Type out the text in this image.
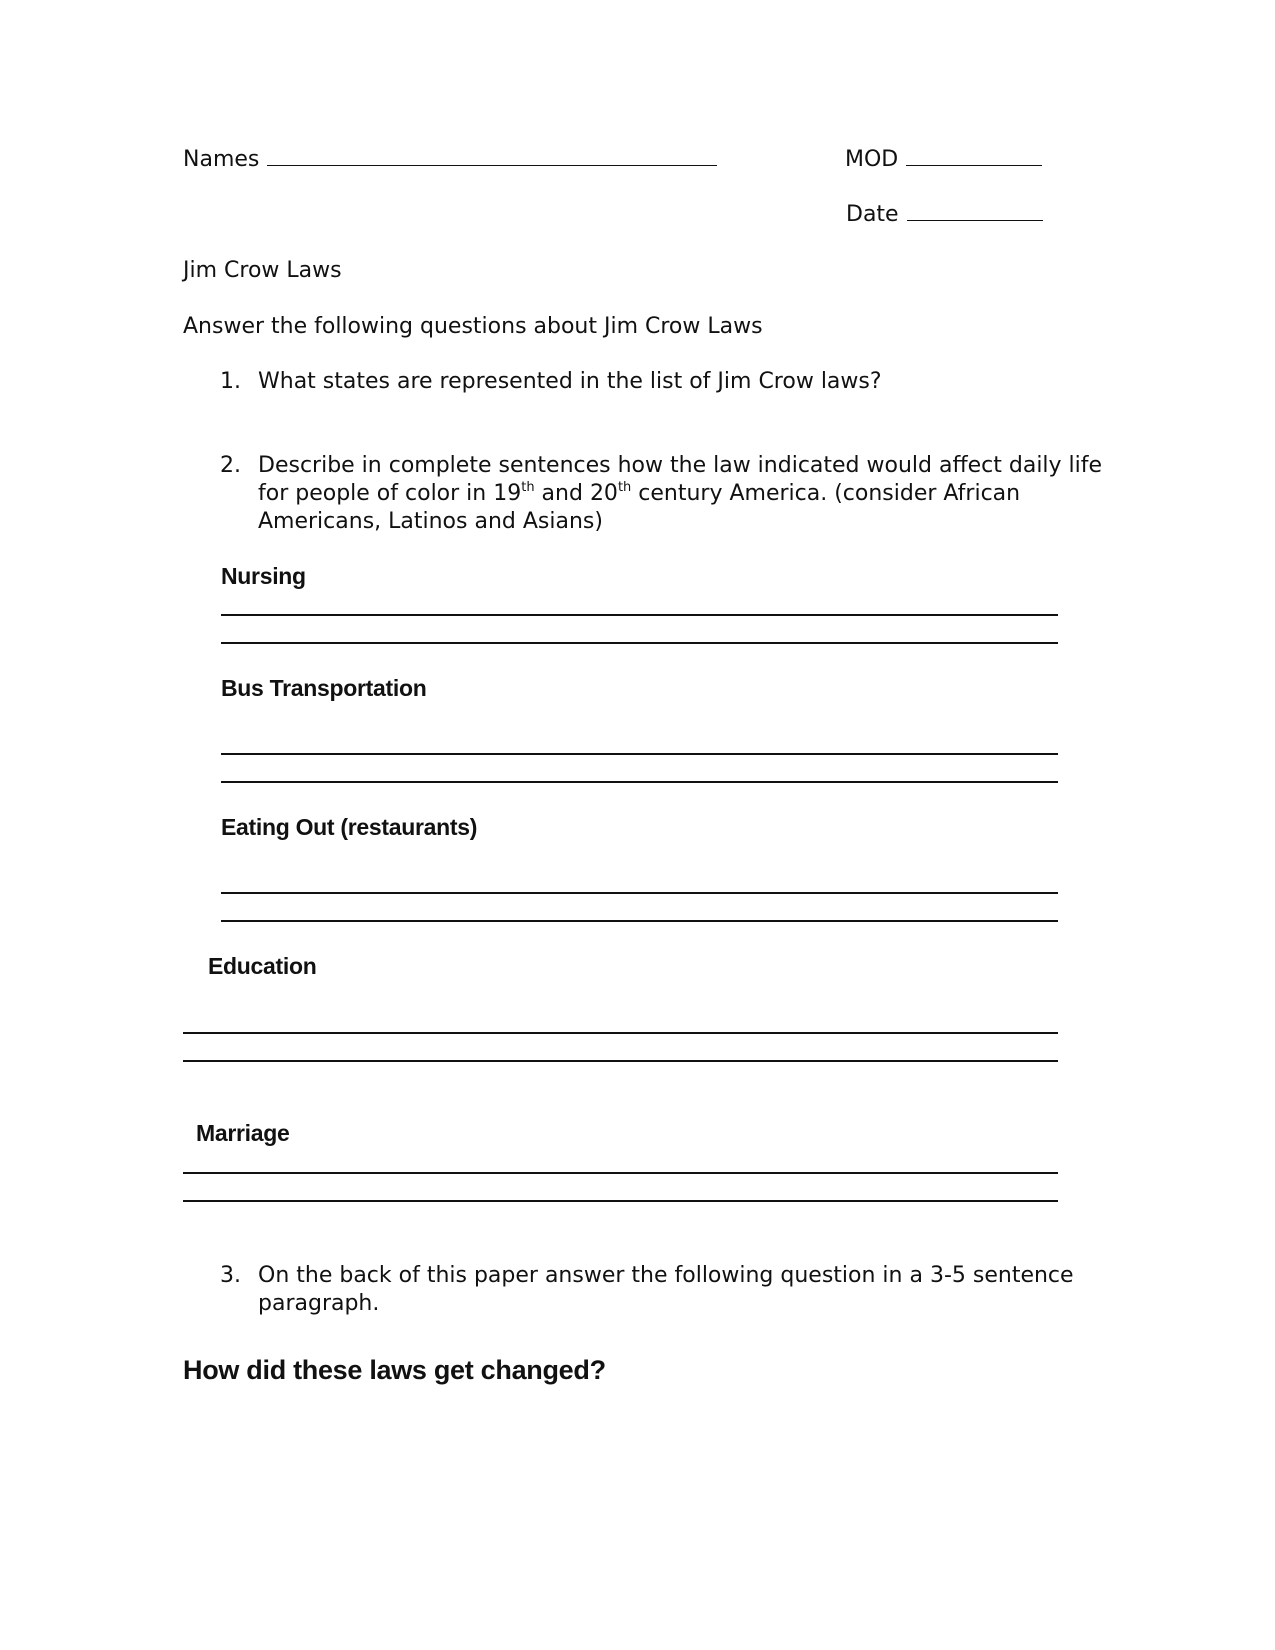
Names	MOD
Date
Jim Crow Laws
Answer the following questions about Jim Crow Laws
1. What states are represented in the list of Jim Crow laws?
2. Describe in complete sentences how the law indicated would affect daily life
for people of color in 19th and 20th century America. (consider African
Americans, Latinos and Asians)
Nursing
Bus Transportation
Eating Out (restaurants)
Education
Marriage
3. On the back of this paper answer the following question in a 3-5 sentence
paragraph.
How did these laws get changed?
